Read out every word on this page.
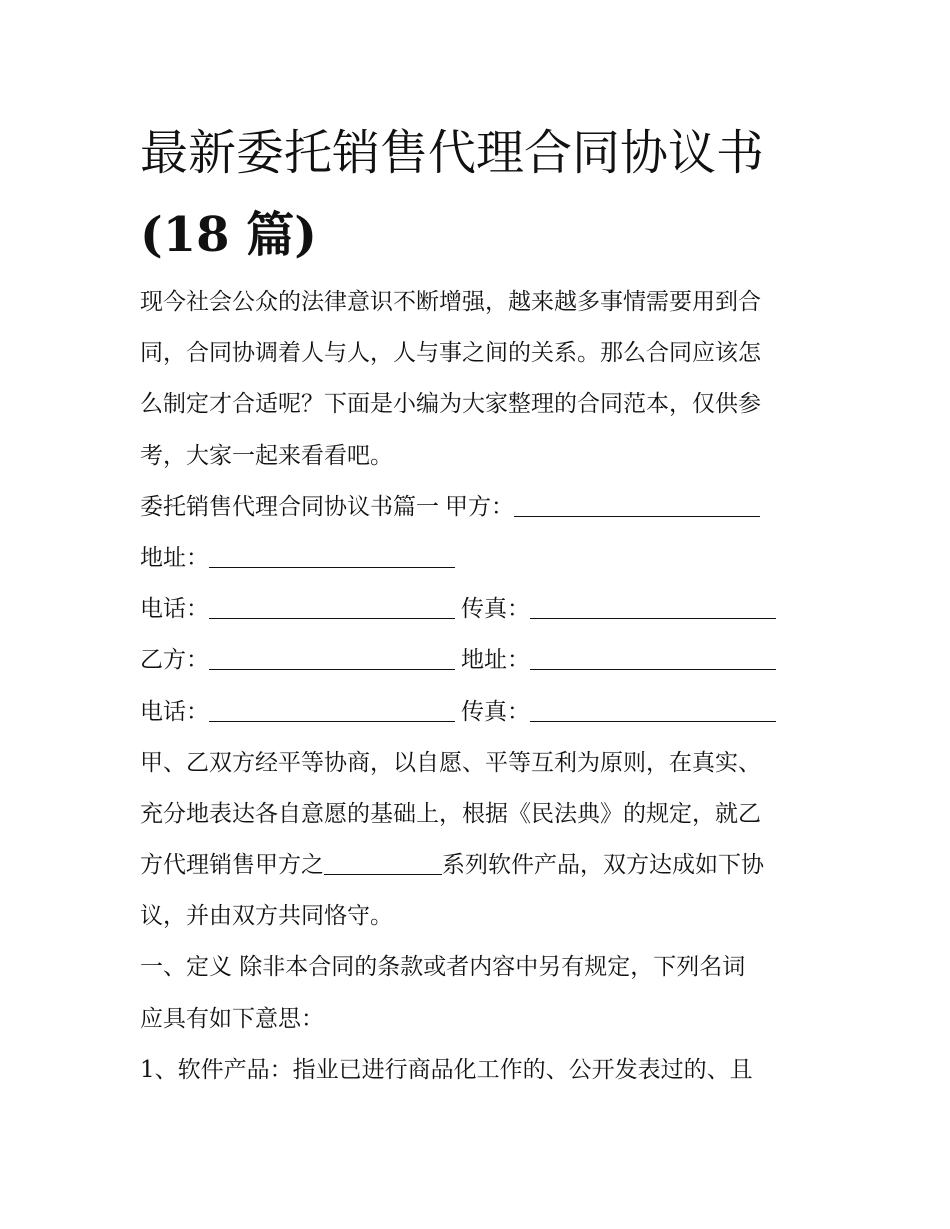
最新委托销售代理合同协议书
(18 篇)
现今社会公众的法律意识不断增强，越来越多事情需要用到合
同，合同协调着人与人，人与事之间的关系。那么合同应该怎
么制定才合适呢？下面是小编为大家整理的合同范本，仅供参
考，大家一起来看看吧。
委托销售代理合同协议书篇一 甲方：
地址：
电话：	传真：
乙方：	地址：
电话：	传真：
甲、乙双方经平等协商，以自愿、平等互利为原则，在真实、
充分地表达各自意愿的基础上，根据《民法典》的规定，就乙
方代理销售甲方之	系列软件产品，双方达成如下协
议，并由双方共同恪守。
一、定义 除非本合同的条款或者内容中另有规定，下列名词
应具有如下意思：
1、软件产品：指业已进行商品化工作的、公开发表过的、且
